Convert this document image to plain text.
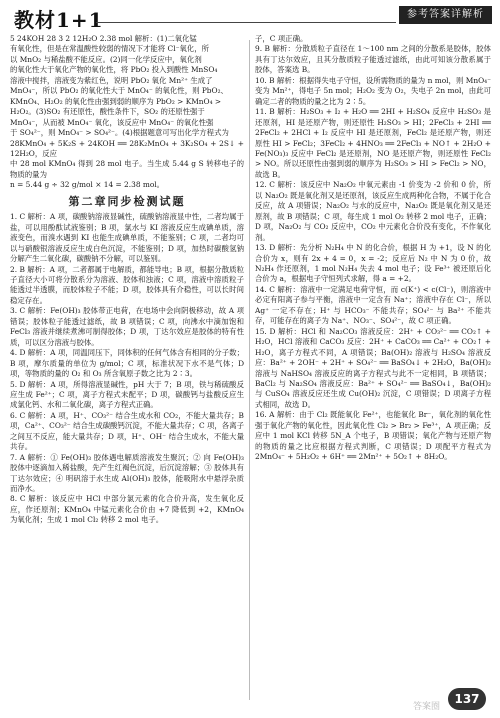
教材1+1	参考答案详解析

5 24KOH 28 3 2 12H₂O 2.38 mol 解析：(1)二氧化锰

有氧化性，但是在常温酸性较弱的情况下才能将 Cl⁻氧化，所

以 MnO₂ 与稀盐酸不能反应。(2)同一化学反应中，氧化剂

的氧化性大于氧化产物的氧化性，将 PbO₂ 投入到酸性 MnSO₄

溶液中搅拌，溶液变为紫红色，说明 PbO₂ 氧化 Mn²⁺ 生成了

MnO₄⁻，所以 PbO₂ 的氧化性大于 MnO₄⁻ 的氧化性，则 PbO₂、

KMnO₄、H₂O₂ 的氧化性由强到弱的顺序为 PbO₂ > KMnO₄ >

H₂O₂。(3)SO₂ 有还原性，酸性条件下，SO₂ 的还原性强于

MnO₄⁻，从而被 MnO₄⁻ 氧化，该反应中 MnO₄⁻ 的氧化性强

于 SO₄²⁻，则 MnO₄⁻ > SO₄²⁻。(4)根据题意可写出化学方程式为

28KMnO₄ + 5K₂S + 24KOH ══ 28K₂MnO₄ + 3K₂SO₄ + 2S↓ + 12H₂O，反应

中 28 mol KMnO₄ 得到 28 mol 电子。当生成 5.44 g S 转移电子的物质的量为

n = 5.44 g ÷ 32 g/mol × 14 = 2.38 mol。

第二章同步检测试题

1. C 解析：A 项，碳酸钠溶液显碱性，硫酸钠溶液显中性，二者均属于盐，可以用酚酞试液鉴别；B 项，氯水与 KI 溶液反应生成碘单质，溶液变色，而溴水遇到 KI 也能生成碘单质，不能鉴别；C 项，二者均可以与硝酸银溶液反应生成白色沉淀，不能鉴别；D 项，加热时碳酸氢钠分解产生二氧化碳，碳酸钠不分解，可以鉴别。

2. B 解析：A 项，二者都属于电解质，都能导电；B 项，根据分散质粒子直径大小可将分散系分为溶液、胶体和浊液；C 项，溶液中溶质粒子能透过半透膜，而胶体粒子不能；D 项，胶体具有介稳性，可以长时间稳定存在。

3. C 解析：Fe(OH)₃ 胶体带正电荷，在电场中会向阴极移动，故 A 项错误；胶体粒子能透过滤纸，故 B 项错误；C 项，向沸水中滴加饱和 FeCl₃ 溶液并继续煮沸可制得胶体；D 项，丁达尔效应是胶体的特有性质，可以区分溶液与胶体。

4. D 解析：A 项，同温同压下，同体积的任何气体含有相同的分子数；B 项，摩尔质量的单位为 g/mol；C 项，标准状况下水不是气体；D 项，等物质的量的 O₂ 和 O₃ 所含氧原子数之比为 2∶3。

5. D 解析：A 项，所得溶液显碱性，pH 大于 7；B 项，铁与稀硫酸反应生成 Fe²⁺；C 项，离子方程式未配平；D 项，碳酸钙与盐酸反应生成氯化钙、水和二氧化碳，离子方程式正确。

6. C 解析：A 项，H⁺、CO₃²⁻ 结合生成水和 CO₂，不能大量共存；B 项，Ca²⁺、CO₃²⁻ 结合生成碳酸钙沉淀，不能大量共存；C 项，各离子之间互不反应，能大量共存；D 项，H⁺、OH⁻ 结合生成水，不能大量共存。

7. A 解析：① Fe(OH)₃ 胶体遇电解质溶液发生聚沉；② 向 Fe(OH)₃ 胶体中逐滴加入稀盐酸，先产生红褐色沉淀，后沉淀溶解；③ 胶体具有丁达尔效应；④ 明矾溶于水生成 Al(OH)₃ 胶体，能吸附水中悬浮杂质而净水。

8. C 解析：该反应中 HCl 中部分氯元素的化合价升高，发生氧化反应，作还原剂；KMnO₄ 中锰元素化合价由 +7 降低到 +2，KMnO₄ 为氧化剂；生成 1 mol Cl₂ 转移 2 mol 电子。

子，C 项正确。

9. B 解析：分散质粒子直径在 1～100 nm 之间的分散系是胶体，胶体具有丁达尔效应，且其分散质粒子能透过滤纸，由此可知该分散系属于胶体，答案选 B。

10. B 解析：根据得失电子守恒，设所需物质的量为 n mol，则 MnO₄⁻ 变为 Mn²⁺，得电子 5n mol；H₂O₂ 变为 O₂，失电子 2n mol，由此可确定二者的物质的量之比为 2∶5。

11. B 解析：H₂SO₃ + I₂ + H₂O ══ 2HI + H₂SO₄ 反应中 H₂SO₃ 是还原剂，HI 是还原产物，则还原性 H₂SO₃ > HI；2FeCl₃ + 2HI ══ 2FeCl₂ + 2HCl + I₂ 反应中 HI 是还原剂，FeCl₂ 是还原产物，则还原性 HI > FeCl₂；3FeCl₂ + 4HNO₃ ══ 2FeCl₃ + NO↑ + 2H₂O + Fe(NO₃)₃ 反应中 FeCl₂ 是还原剂，NO 是还原产物，则还原性 FeCl₂ > NO。所以还原性由强到弱的顺序为 H₂SO₃ > HI > FeCl₂ > NO，故选 B。

12. C 解析：该反应中 Na₂O₂ 中氧元素由 -1 价变为 -2 价和 0 价，所以 Na₂O₂ 既是氧化剂又是还原剂，该反应生成两种化合物，不属于化合反应，故 A 项错误；Na₂O₂ 与水的反应中，Na₂O₂ 既是氧化剂又是还原剂，故 B 项错误；C 项，每生成 1 mol O₂ 转移 2 mol 电子，正确；D 项，Na₂O₂ 与 CO₂ 反应中，CO₂ 中元素化合价没有变化，不作氧化剂。

13. D 解析：先分析 N₂H₄ 中 N 的化合价，根据 H 为 +1，设 N 的化合价为 x，则有 2x + 4 = 0，x = -2；反应后 N₂ 中 N 为 0 价，故 N₂H₄ 作还原剂，1 mol N₂H₄ 失去 4 mol 电子；设 Fe³⁺ 被还原后化合价为 a，根据电子守恒列式求解，得 a = +2。

14. C 解析：溶液中一定满足电荷守恒，而 c(K⁺) < c(Cl⁻)，则溶液中必定有阳离子参与平衡，溶液中一定含有 Na⁺；溶液中存在 Cl⁻，所以 Ag⁺ 一定不存在；H⁺ 与 HCO₃⁻ 不能共存；SO₄²⁻ 与 Ba²⁺ 不能共存，可能存在的离子为 Na⁺、NO₃⁻、SO₄²⁻，故 C 项正确。

15. D 解析：HCl 和 Na₂CO₃ 溶液反应：2H⁺ + CO₃²⁻ ══ CO₂↑ + H₂O，HCl 溶液和 CaCO₃ 反应：2H⁺ + CaCO₃ ══ Ca²⁺ + CO₂↑ + H₂O，离子方程式不同，A 项错误；Ba(OH)₂ 溶液与 H₂SO₄ 溶液反应：Ba²⁺ + 2OH⁻ + 2H⁺ + SO₄²⁻ ══ BaSO₄↓ + 2H₂O，Ba(OH)₂ 溶液与 NaHSO₄ 溶液反应的离子方程式与此不一定相同，B 项错误；BaCl₂ 与 Na₂SO₄ 溶液反应：Ba²⁺ + SO₄²⁻ ══ BaSO₄↓，Ba(OH)₂ 与 CuSO₄ 溶液反应还生成 Cu(OH)₂ 沉淀，C 项错误；D 项离子方程式相同，故选 D。

16. A 解析：由于 Cl₂ 既能氧化 Fe²⁺，也能氧化 Br⁻，氧化剂的氧化性强于氧化产物的氧化性，因此氧化性 Cl₂ > Br₂ > Fe³⁺，A 项正确；反应中 1 mol KCl 转移 5N_A 个电子，B 项错误；氧化产物与还原产物的物质的量之比应根据方程式判断，C 项错误；D 项配平方程式为 2MnO₄⁻ + 5H₂O₂ + 6H⁺ ══ 2Mn²⁺ + 5O₂↑ + 8H₂O。

答案圈
137
